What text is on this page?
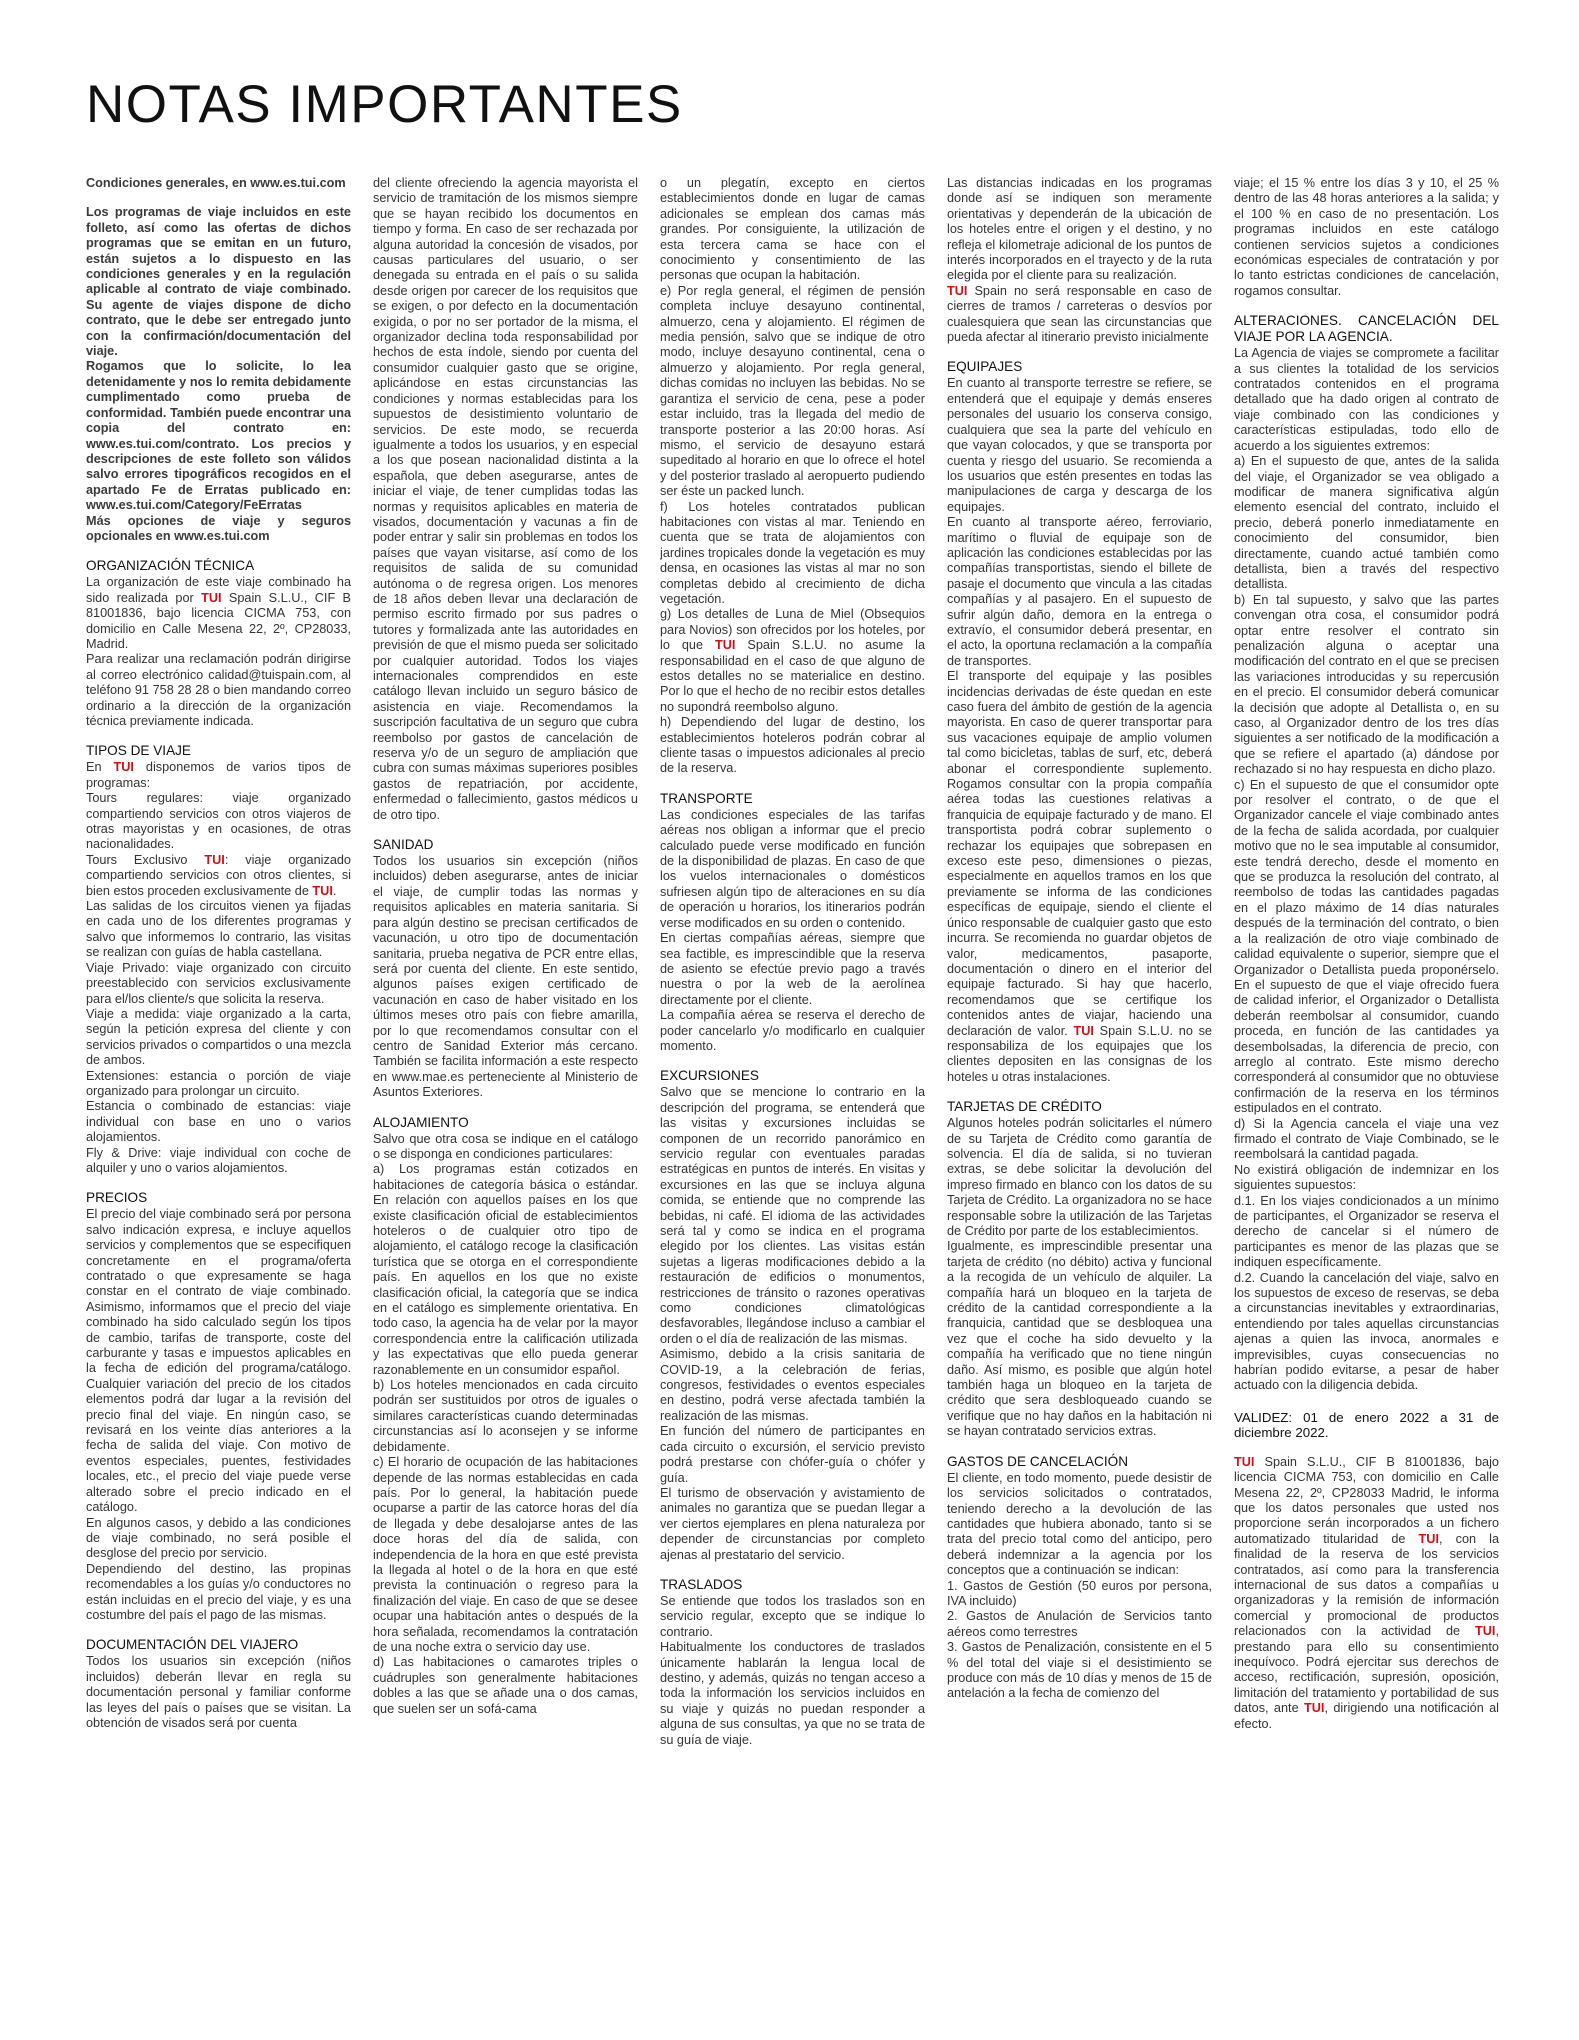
NOTAS IMPORTANTES

Condiciones generales, en www.es.tui.com

Los programas de viaje incluidos en este folleto, así como las ofertas de dichos programas que se emitan en un futuro, están sujetos a lo dispuesto en las condiciones generales y en la regulación aplicable al contrato de viaje combinado. Su agente de viajes dispone de dicho contrato, que le debe ser entregado junto con la confirmación/documentación del viaje.

Rogamos que lo solicite, lo lea detenidamente y nos lo remita debidamente cumplimentado como prueba de conformidad. También puede encontrar una copia del contrato en: www.es.tui.com/contrato. Los precios y descripciones de este folleto son válidos salvo errores tipográficos recogidos en el apartado Fe de Erratas publicado en: www.es.tui.com/Category/FeErratas

Más opciones de viaje y seguros opcionales en www.es.tui.com

ORGANIZACIÓN TÉCNICA

La organización de este viaje combinado ha sido realizada por TUI Spain S.L.U., CIF B 81001836, bajo licencia CICMA 753, con domicilio en Calle Mesena 22, 2º, CP28033, Madrid.

Para realizar una reclamación podrán dirigirse al correo electrónico calidad@tuispain.com, al teléfono 91 758 28 28 o bien mandando correo ordinario a la dirección de la organización técnica previamente indicada.

TIPOS DE VIAJE

En TUI disponemos de varios tipos de programas:

Tours regulares: viaje organizado compartiendo servicios con otros viajeros de otras mayoristas y en ocasiones, de otras nacionalidades.

Tours Exclusivo TUI: viaje organizado compartiendo servicios con otros clientes, si bien estos proceden exclusivamente de TUI.

Las salidas de los circuitos vienen ya fijadas en cada uno de los diferentes programas y salvo que informemos lo contrario, las visitas se realizan con guías de habla castellana.

Viaje Privado: viaje organizado con circuito preestablecido con servicios exclusivamente para el/los cliente/s que solicita la reserva.

Viaje a medida: viaje organizado a la carta, según la petición expresa del cliente y con servicios privados o compartidos o una mezcla de ambos.

Extensiones: estancia o porción de viaje organizado para prolongar un circuito.

Estancia o combinado de estancias: viaje individual con base en uno o varios alojamientos.

Fly & Drive: viaje individual con coche de alquiler y uno o varios alojamientos.

PRECIOS

El precio del viaje combinado será por persona salvo indicación expresa, e incluye aquellos servicios y complementos que se especifiquen concretamente en el programa/oferta contratado o que expresamente se haga constar en el contrato de viaje combinado. Asimismo, informamos que el precio del viaje combinado ha sido calculado según los tipos de cambio, tarifas de transporte, coste del carburante y tasas e impuestos aplicables en la fecha de edición del programa/catálogo. Cualquier variación del precio de los citados elementos podrá dar lugar a la revisión del precio final del viaje. En ningún caso, se revisará en los veinte días anteriores a la fecha de salida del viaje. Con motivo de eventos especiales, puentes, festividades locales, etc., el precio del viaje puede verse alterado sobre el precio indicado en el catálogo.

En algunos casos, y debido a las condiciones de viaje combinado, no será posible el desglose del precio por servicio.

Dependiendo del destino, las propinas recomendables a los guías y/o conductores no están incluidas en el precio del viaje, y es una costumbre del país el pago de las mismas.

DOCUMENTACIÓN DEL VIAJERO

Todos los usuarios sin excepción (niños incluidos) deberán llevar en regla su documentación personal y familiar conforme las leyes del país o países que se visitan. La obtención de visados será por cuenta

del cliente ofreciendo la agencia mayorista el servicio de tramitación de los mismos siempre que se hayan recibido los documentos en tiempo y forma. En caso de ser rechazada por alguna autoridad la concesión de visados, por causas particulares del usuario, o ser denegada su entrada en el país o su salida desde origen por carecer de los requisitos que se exigen, o por defecto en la documentación exigida, o por no ser portador de la misma, el organizador declina toda responsabilidad por hechos de esta índole, siendo por cuenta del consumidor cualquier gasto que se origine, aplicándose en estas circunstancias las condiciones y normas establecidas para los supuestos de desistimiento voluntario de servicios. De este modo, se recuerda igualmente a todos los usuarios, y en especial a los que posean nacionalidad distinta a la española, que deben asegurarse, antes de iniciar el viaje, de tener cumplidas todas las normas y requisitos aplicables en materia de visados, documentación y vacunas a fin de poder entrar y salir sin problemas en todos los países que vayan visitarse, así como de los requisitos de salida de su comunidad autónoma o de regresa origen. Los menores de 18 años deben llevar una declaración de permiso escrito firmado por sus padres o tutores y formalizada ante las autoridades en previsión de que el mismo pueda ser solicitado por cualquier autoridad. Todos los viajes internacionales comprendidos en este catálogo llevan incluido un seguro básico de asistencia en viaje. Recomendamos la suscripción facultativa de un seguro que cubra reembolso por gastos de cancelación de reserva y/o de un seguro de ampliación que cubra con sumas máximas superiores posibles gastos de repatriación, por accidente, enfermedad o fallecimiento, gastos médicos u de otro tipo.

SANIDAD

Todos los usuarios sin excepción (niños incluidos) deben asegurarse, antes de iniciar el viaje, de cumplir todas las normas y requisitos aplicables en materia sanitaria. Si para algún destino se precisan certificados de vacunación, u otro tipo de documentación sanitaria, prueba negativa de PCR entre ellas, será por cuenta del cliente. En este sentido, algunos países exigen certificado de vacunación en caso de haber visitado en los últimos meses otro país con fiebre amarilla, por lo que recomendamos consultar con el centro de Sanidad Exterior más cercano. También se facilita información a este respecto en www.mae.es perteneciente al Ministerio de Asuntos Exteriores.

ALOJAMIENTO

Salvo que otra cosa se indique en el catálogo o se disponga en condiciones particulares:

a) Los programas están cotizados en habitaciones de categoría básica o estándar. En relación con aquellos países en los que existe clasificación oficial de establecimientos hoteleros o de cualquier otro tipo de alojamiento, el catálogo recoge la clasificación turística que se otorga en el correspondiente país. En aquellos en los que no existe clasificación oficial, la categoría que se indica en el catálogo es simplemente orientativa. En todo caso, la agencia ha de velar por la mayor correspondencia entre la calificación utilizada y las expectativas que ello pueda generar razonablemente en un consumidor español.

b) Los hoteles mencionados en cada circuito podrán ser sustituidos por otros de iguales o similares características cuando determinadas circunstancias así lo aconsejen y se informe debidamente.

c) El horario de ocupación de las habitaciones depende de las normas establecidas en cada país. Por lo general, la habitación puede ocuparse a partir de las catorce horas del día de llegada y debe desalojarse antes de las doce horas del día de salida, con independencia de la hora en que esté prevista la llegada al hotel o de la hora en que esté prevista la continuación o regreso para la finalización del viaje. En caso de que se desee ocupar una habitación antes o después de la hora señalada, recomendamos la contratación de una noche extra o servicio day use.

d) Las habitaciones o camarotes triples o cuádruples son generalmente habitaciones dobles a las que se añade una o dos camas, que suelen ser un sofá-cama

o un plegatín, excepto en ciertos establecimientos donde en lugar de camas adicionales se emplean dos camas más grandes. Por consiguiente, la utilización de esta tercera cama se hace con el conocimiento y consentimiento de las personas que ocupan la habitación.

e) Por regla general, el régimen de pensión completa incluye desayuno continental, almuerzo, cena y alojamiento. El régimen de media pensión, salvo que se indique de otro modo, incluye desayuno continental, cena o almuerzo y alojamiento. Por regla general, dichas comidas no incluyen las bebidas. No se garantiza el servicio de cena, pese a poder estar incluido, tras la llegada del medio de transporte posterior a las 20:00 horas. Así mismo, el servicio de desayuno estará supeditado al horario en que lo ofrece el hotel y del posterior traslado al aeropuerto pudiendo ser éste un packed lunch.

f) Los hoteles contratados publican habitaciones con vistas al mar. Teniendo en cuenta que se trata de alojamientos con jardines tropicales donde la vegetación es muy densa, en ocasiones las vistas al mar no son completas debido al crecimiento de dicha vegetación.

g) Los detalles de Luna de Miel (Obsequios para Novios) son ofrecidos por los hoteles, por lo que TUI Spain S.L.U. no asume la responsabilidad en el caso de que alguno de estos detalles no se materialice en destino. Por lo que el hecho de no recibir estos detalles no supondrá reembolso alguno.

h) Dependiendo del lugar de destino, los establecimientos hoteleros podrán cobrar al cliente tasas o impuestos adicionales al precio de la reserva.

TRANSPORTE

Las condiciones especiales de las tarifas aéreas nos obligan a informar que el precio calculado puede verse modificado en función de la disponibilidad de plazas. En caso de que los vuelos internacionales o domésticos sufriesen algún tipo de alteraciones en su día de operación u horarios, los itinerarios podrán verse modificados en su orden o contenido.

En ciertas compañías aéreas, siempre que sea factible, es imprescindible que la reserva de asiento se efectúe previo pago a través nuestra o por la web de la aerolínea directamente por el cliente.

La compañía aérea se reserva el derecho de poder cancelarlo y/o modificarlo en cualquier momento.

EXCURSIONES

Salvo que se mencione lo contrario en la descripción del programa, se entenderá que las visitas y excursiones incluidas se componen de un recorrido panorámico en servicio regular con eventuales paradas estratégicas en puntos de interés. En visitas y excursiones en las que se incluya alguna comida, se entiende que no comprende las bebidas, ni café. El idioma de las actividades será tal y como se indica en el programa elegido por los clientes. Las visitas están sujetas a ligeras modificaciones debido a la restauración de edificios o monumentos, restricciones de tránsito o razones operativas como condiciones climatológicas desfavorables, llegándose incluso a cambiar el orden o el día de realización de las mismas.

Asimismo, debido a la crisis sanitaria de COVID-19, a la celebración de ferias, congresos, festividades o eventos especiales en destino, podrá verse afectada también la realización de las mismas.

En función del número de participantes en cada circuito o excursión, el servicio previsto podrá prestarse con chófer-guía o chófer y guía.

El turismo de observación y avistamiento de animales no garantiza que se puedan llegar a ver ciertos ejemplares en plena naturaleza por depender de circunstancias por completo ajenas al prestatario del servicio.

TRASLADOS

Se entiende que todos los traslados son en servicio regular, excepto que se indique lo contrario.

Habitualmente los conductores de traslados únicamente hablarán la lengua local de destino, y además, quizás no tengan acceso a toda la información los servicios incluidos en su viaje y quizás no puedan responder a alguna de sus consultas, ya que no se trata de su guía de viaje.

Las distancias indicadas en los programas donde así se indiquen son meramente orientativas y dependerán de la ubicación de los hoteles entre el origen y el destino, y no refleja el kilometraje adicional de los puntos de interés incorporados en el trayecto y de la ruta elegida por el cliente para su realización.

TUI Spain no será responsable en caso de cierres de tramos / carreteras o desvíos por cualesquiera que sean las circunstancias que pueda afectar al itinerario previsto inicialmente

EQUIPAJES

En cuanto al transporte terrestre se refiere, se entenderá que el equipaje y demás enseres personales del usuario los conserva consigo, cualquiera que sea la parte del vehículo en que vayan colocados, y que se transporta por cuenta y riesgo del usuario. Se recomienda a los usuarios que estén presentes en todas las manipulaciones de carga y descarga de los equipajes.

En cuanto al transporte aéreo, ferroviario, marítimo o fluvial de equipaje son de aplicación las condiciones establecidas por las compañías transportistas, siendo el billete de pasaje el documento que vincula a las citadas compañías y al pasajero. En el supuesto de sufrir algún daño, demora en la entrega o extravío, el consumidor deberá presentar, en el acto, la oportuna reclamación a la compañía de transportes.

El transporte del equipaje y las posibles incidencias derivadas de éste quedan en este caso fuera del ámbito de gestión de la agencia mayorista. En caso de querer transportar para sus vacaciones equipaje de amplio volumen tal como bicicletas, tablas de surf, etc, deberá abonar el correspondiente suplemento. Rogamos consultar con la propia compañía aérea todas las cuestiones relativas a franquicia de equipaje facturado y de mano. El transportista podrá cobrar suplemento o rechazar los equipajes que sobrepasen en exceso este peso, dimensiones o piezas, especialmente en aquellos tramos en los que previamente se informa de las condiciones específicas de equipaje, siendo el cliente el único responsable de cualquier gasto que esto incurra. Se recomienda no guardar objetos de valor, medicamentos, pasaporte, documentación o dinero en el interior del equipaje facturado. Si hay que hacerlo, recomendamos que se certifique los contenidos antes de viajar, haciendo una declaración de valor. TUI Spain S.L.U. no se responsabiliza de los equipajes que los clientes depositen en las consignas de los hoteles u otras instalaciones.

TARJETAS DE CRÉDITO

Algunos hoteles podrán solicitarles el número de su Tarjeta de Crédito como garantía de solvencia. El día de salida, si no tuvieran extras, se debe solicitar la devolución del impreso firmado en blanco con los datos de su Tarjeta de Crédito. La organizadora no se hace responsable sobre la utilización de las Tarjetas de Crédito por parte de los establecimientos.

Igualmente, es imprescindible presentar una tarjeta de crédito (no débito) activa y funcional a la recogida de un vehículo de alquiler. La compañía hará un bloqueo en la tarjeta de crédito de la cantidad correspondiente a la franquicia, cantidad que se desbloquea una vez que el coche ha sido devuelto y la compañía ha verificado que no tiene ningún daño. Así mismo, es posible que algún hotel también haga un bloqueo en la tarjeta de crédito que sera desbloqueado cuando se verifique que no hay daños en la habitación ni se hayan contratado servicios extras.

GASTOS DE CANCELACIÓN

El cliente, en todo momento, puede desistir de los servicios solicitados o contratados, teniendo derecho a la devolución de las cantidades que hubiera abonado, tanto si se trata del precio total como del anticipo, pero deberá indemnizar a la agencia por los conceptos que a continuación se indican:

1. Gastos de Gestión (50 euros por persona, IVA incluido)

2. Gastos de Anulación de Servicios tanto aéreos como terrestres

3. Gastos de Penalización, consistente en el 5 % del total del viaje si el desistimiento se produce con más de 10 días y menos de 15 de antelación a la fecha de comienzo del

viaje; el 15 % entre los días 3 y 10, el 25 % dentro de las 48 horas anteriores a la salida; y el 100 % en caso de no presentación. Los programas incluidos en este catálogo contienen servicios sujetos a condiciones económicas especiales de contratación y por lo tanto estrictas condiciones de cancelación, rogamos consultar.

ALTERACIONES. CANCELACIÓN DEL VIAJE POR LA AGENCIA.

La Agencia de viajes se compromete a facilitar a sus clientes la totalidad de los servicios contratados contenidos en el programa detallado que ha dado origen al contrato de viaje combinado con las condiciones y características estipuladas, todo ello de acuerdo a los siguientes extremos:

a) En el supuesto de que, antes de la salida del viaje, el Organizador se vea obligado a modificar de manera significativa algún elemento esencial del contrato, incluido el precio, deberá ponerlo inmediatamente en conocimiento del consumidor, bien directamente, cuando actué también como detallista, bien a través del respectivo detallista.

b) En tal supuesto, y salvo que las partes convengan otra cosa, el consumidor podrá optar entre resolver el contrato sin penalización alguna o aceptar una modificación del contrato en el que se precisen las variaciones introducidas y su repercusión en el precio. El consumidor deberá comunicar la decisión que adopte al Detallista o, en su caso, al Organizador dentro de los tres días siguientes a ser notificado de la modificación a que se refiere el apartado (a) dándose por rechazado si no hay respuesta en dicho plazo.

c) En el supuesto de que el consumidor opte por resolver el contrato, o de que el Organizador cancele el viaje combinado antes de la fecha de salida acordada, por cualquier motivo que no le sea imputable al consumidor, este tendrá derecho, desde el momento en que se produzca la resolución del contrato, al reembolso de todas las cantidades pagadas en el plazo máximo de 14 días naturales después de la terminación del contrato, o bien a la realización de otro viaje combinado de calidad equivalente o superior, siempre que el Organizador o Detallista pueda proponérselo. En el supuesto de que el viaje ofrecido fuera de calidad inferior, el Organizador o Detallista deberán reembolsar al consumidor, cuando proceda, en función de las cantidades ya desembolsadas, la diferencia de precio, con arreglo al contrato. Este mismo derecho corresponderá al consumidor que no obtuviese confirmación de la reserva en los términos estipulados en el contrato.

d) Si la Agencia cancela el viaje una vez firmado el contrato de Viaje Combinado, se le reembolsará la cantidad pagada.

No existirá obligación de indemnizar en los siguientes supuestos:

d.1. En los viajes condicionados a un mínimo de participantes, el Organizador se reserva el derecho de cancelar si el número de participantes es menor de las plazas que se indiquen específicamente.

d.2. Cuando la cancelación del viaje, salvo en los supuestos de exceso de reservas, se deba a circunstancias inevitables y extraordinarias, entendiendo por tales aquellas circunstancias ajenas a quien las invoca, anormales e imprevisibles, cuyas consecuencias no habrían podido evitarse, a pesar de haber actuado con la diligencia debida.

VALIDEZ: 01 de enero 2022 a 31 de diciembre 2022.

TUI Spain S.L.U., CIF B 81001836, bajo licencia CICMA 753, con domicilio en Calle Mesena 22, 2º, CP28033 Madrid, le informa que los datos personales que usted nos proporcione serán incorporados a un fichero automatizado titularidad de TUI, con la finalidad de la reserva de los servicios contratados, así como para la transferencia internacional de sus datos a compañías u organizadoras y la remisión de información comercial y promocional de productos relacionados con la actividad de TUI, prestando para ello su consentimiento inequívoco. Podrá ejercitar sus derechos de acceso, rectificación, supresión, oposición, limitación del tratamiento y portabilidad de sus datos, ante TUI, dirigiendo una notificación al efecto.
